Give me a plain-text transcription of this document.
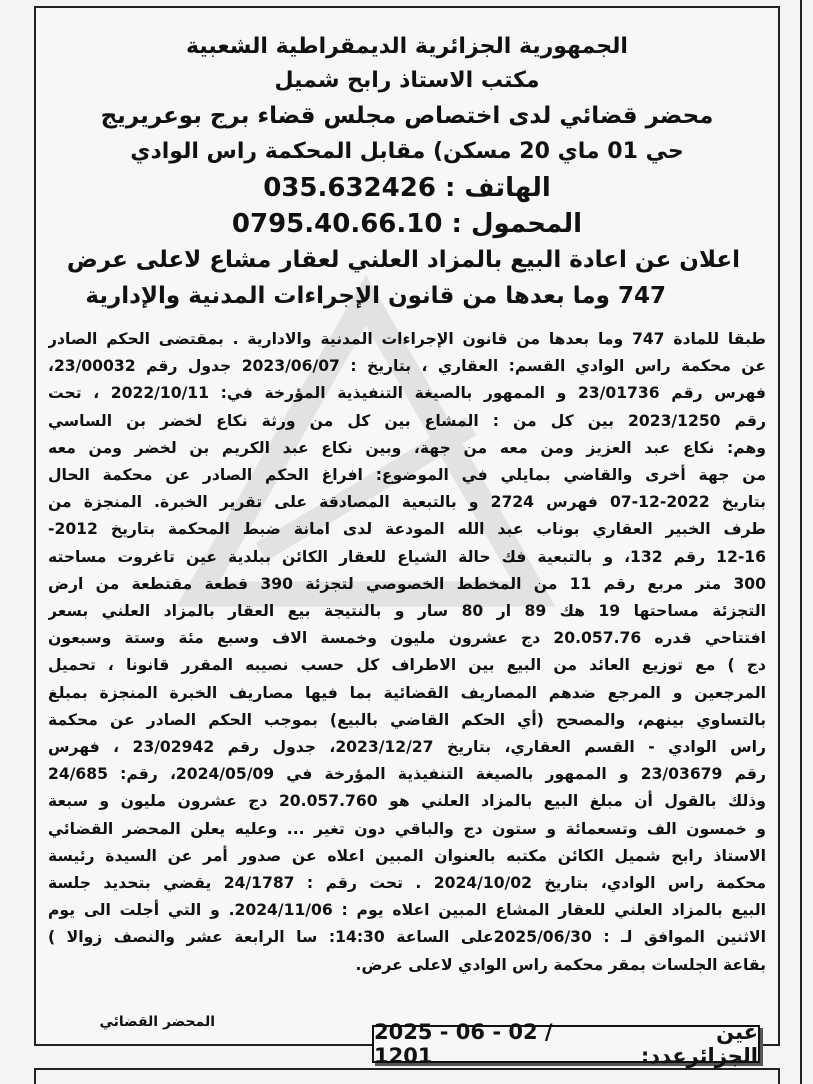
الجمهورية الجزائرية الديمقراطية الشعبية
مكتب الاستاذ رابح شميل
محضر قضائي لدى اختصاص مجلس قضاء برج بوعريريج
حي 01 ماي 20 مسكن) مقابل المحكمة راس الوادي
الهاتف : 035.632426
المحمول : 0795.40.66.10
اعلان عن اعادة البيع بالمزاد العلني لعقار مشاع لاعلى عرض
747 وما بعدها من قانون الإجراءات المدنية والإدارية
طبقا للمادة 747 وما بعدها من قانون الإجراءات المدنية والادارية . بمقتضى الحكم الصادر
عن محكمة راس الوادي القسم: العقاري ، بتاريخ : 2023/06/07 جدول رقم 23/00032،
فهرس رقم 23/01736 و الممهور بالصيغة التنفيذية المؤرخة في: 2022/10/11 ، تحت
رقم 2023/1250 بين كل من : المشاع بين كل من ورثة نكاع لخضر بن الساسي
وهم: نكاع عبد العزيز ومن معه من جهة، وبين نكاع عبد الكريم بن لخضر ومن معه
من جهة أخرى والقاضي بمايلي في الموضوع: افراغ الحكم الصادر عن محكمة الحال
بتاريخ 2022-12-07 فهرس 2724 و بالتبعية المصادقة على تقرير الخبرة. المنجزة من
طرف الخبير العقاري بوناب عبد الله المودعة لدى امانة ضبط المحكمة بتاريخ 2012-
12-16 رقم 132، و بالتبعية فك حالة الشياع للعقار الكائن ببلدية عين تاغروت مساحته
300 متر مربع رقم 11 من المخطط الخصوصي لتجزئة 390 قطعة مقتطعة من ارض
التجزئة مساحتها 19 هك 89 ار 80 سار و بالنتيجة بيع العقار بالمزاد العلني بسعر
افتتاحي قدره 20.057.76 دج عشرون مليون وخمسة الاف وسبع مئة وستة وسبعون
دج ) مع توزيع العائد من البيع بين الاطراف كل حسب نصيبه المقرر قانونا ، تحميل
المرجعين و المرجع ضدهم المصاريف القضائية بما فيها مصاريف الخبرة المنجزة بمبلغ
بالتساوي بينهم، والمصحح (أي الحكم القاضي بالبيع) بموجب الحكم الصادر عن محكمة
راس الوادي - القسم العقاري، بتاريخ 2023/12/27، جدول رقم 23/02942 ، فهرس
رقم 23/03679 و الممهور بالصيغة التنفيذية المؤرخة في 2024/05/09، رقم: 24/685
وذلك بالقول أن مبلغ البيع بالمزاد العلني هو 20.057.760 دج عشرون مليون و سبعة
و خمسون الف وتسعمائة و ستون دج والباقي دون تغير ... وعليه يعلن المحضر القضائي
الاستاذ رابح شميل الكائن مكتبه بالعنوان المبين اعلاه عن صدور أمر عن السيدة رئيسة
محكمة راس الوادي، بتاريخ 2024/10/02 . تحت رقم : 24/1787 يقضي بتحديد جلسة
البيع بالمزاد العلني للعقار المشاع المبين اعلاه يوم : 2024/11/06. و التي أجلت الى يوم
الاثنين الموافق لـ : 2025/06/30على الساعة 14:30: سا الرابعة عشر والنصف زوالا )
بقاعة الجلسات بمقر محكمة راس الوادي لاعلى عرض.
المحضر القضائي	عين الجزائرعدد:
2025 - 06 - 02 / 1201
